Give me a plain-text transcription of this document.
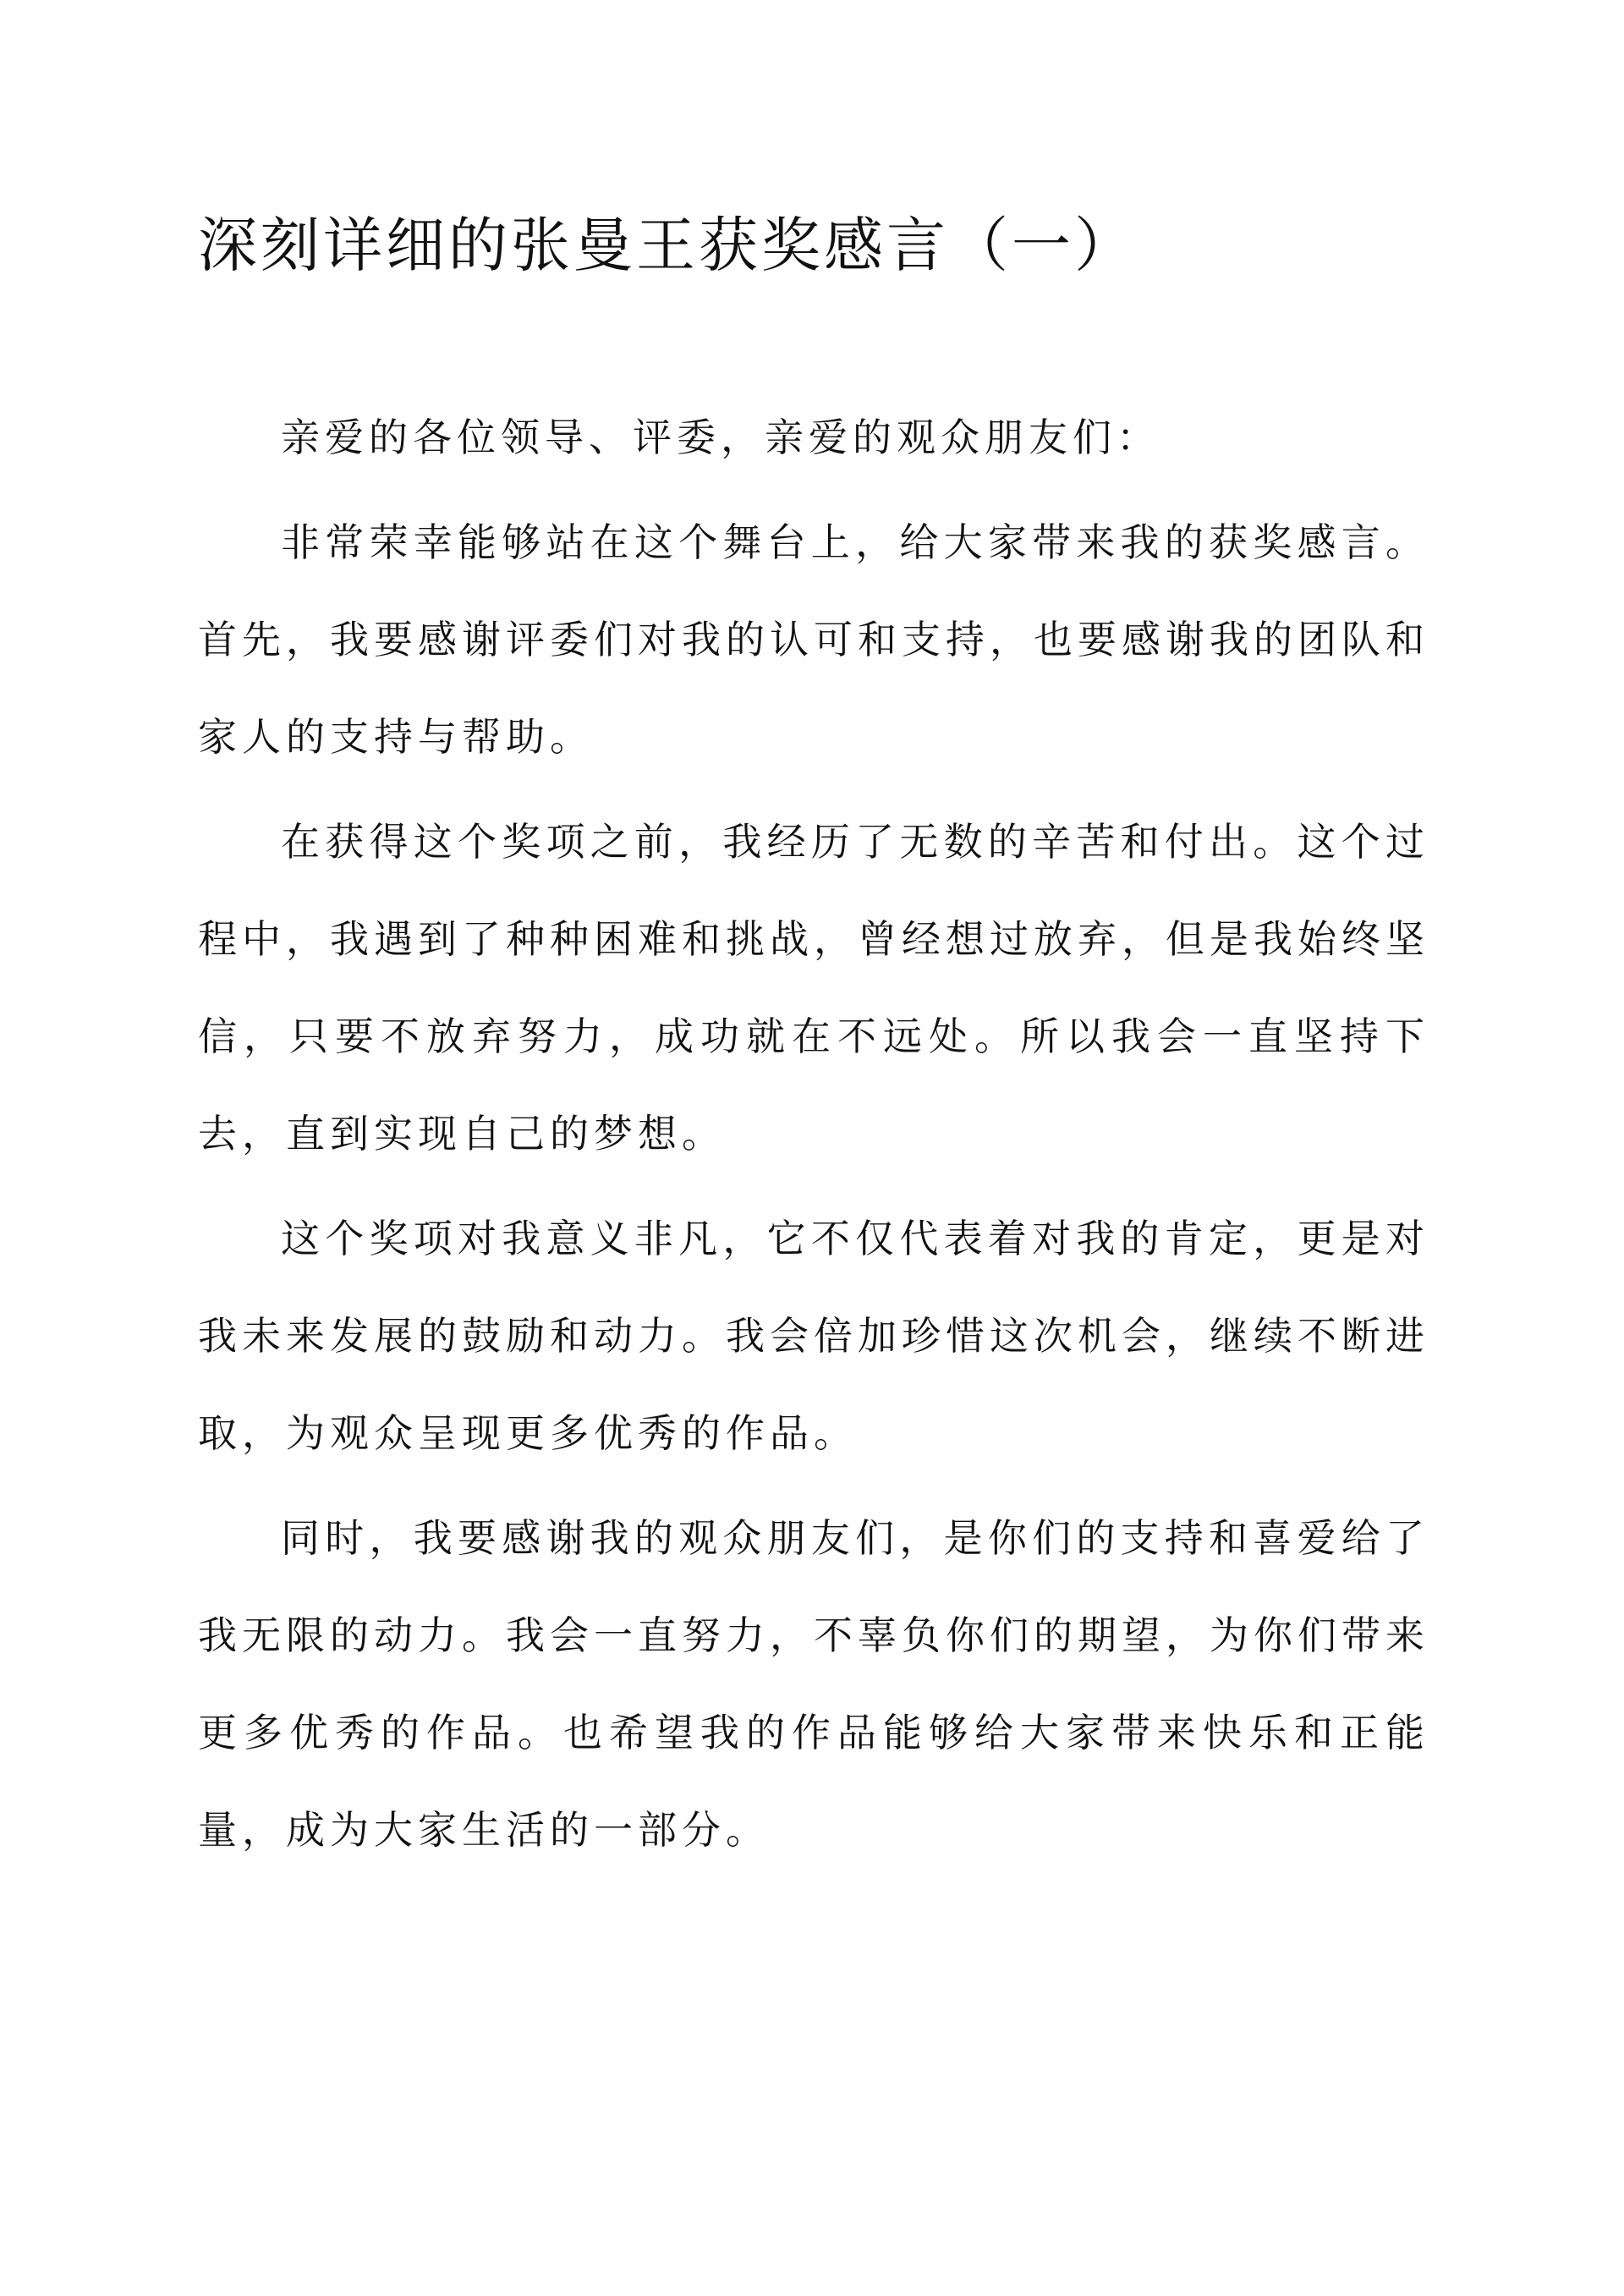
深刻详细的张曼王获奖感言（一）

亲爱的各位领导、评委，亲爱的观众朋友们：

非常荣幸能够站在这个舞台上，给大家带来我的获奖感言。首先，我要感谢评委们对我的认可和支持，也要感谢我的团队和家人的支持与帮助。

在获得这个奖项之前，我经历了无数的辛苦和付出。这个过程中，我遇到了种种困难和挑战，曾经想过放弃，但是我始终坚信，只要不放弃努力，成功就在不远处。所以我会一直坚持下去，直到实现自己的梦想。

这个奖项对我意义非凡，它不仅代表着对我的肯定，更是对我未来发展的鼓励和动力。我会倍加珍惜这次机会，继续不断进取，为观众呈现更多优秀的作品。

同时，我要感谢我的观众朋友们，是你们的支持和喜爱给了我无限的动力。我会一直努力，不辜负你们的期望，为你们带来更多优秀的作品。也希望我的作品能够给大家带来快乐和正能量，成为大家生活的一部分。
